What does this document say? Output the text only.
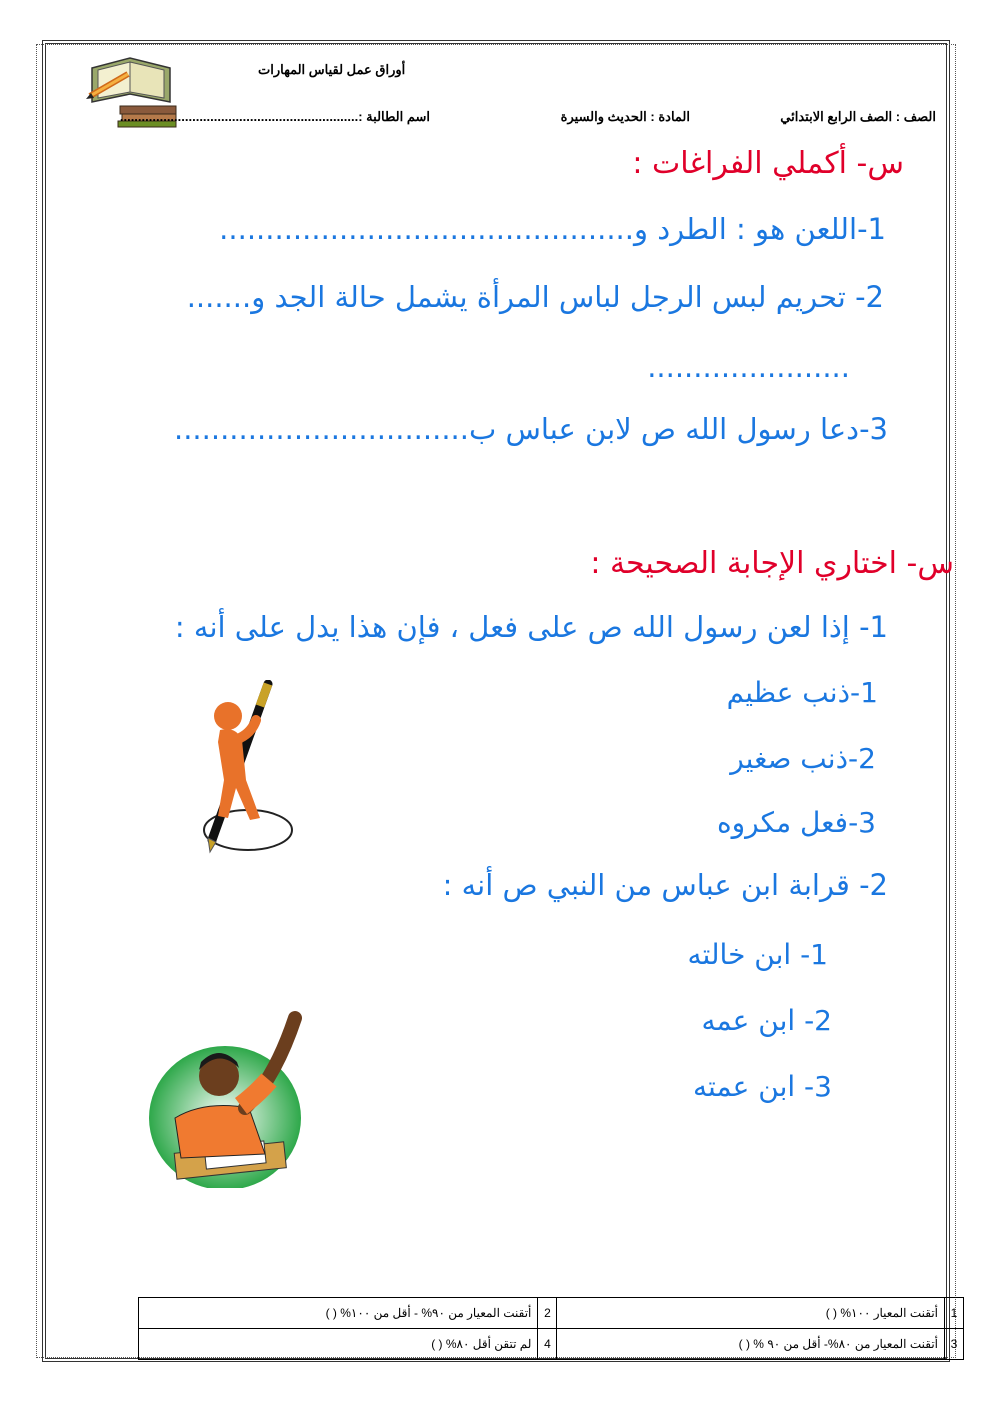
أوراق عمل لقياس المهارات
الصف : الصف الرابع الابتدائي
المادة : الحديث والسيرة
اسم الطالبة :..................................................................
س- أكملي الفراغات :
1-اللعن هو : الطرد و.............................................
2- تحريم لبس الرجل لباس المرأة يشمل حالة الجد و.......
......................
3-دعا رسول الله ص لابن عباس ب................................
س- اختاري الإجابة الصحيحة :
1- إذا لعن رسول الله ص على فعل ، فإن هذا يدل على أنه :
1-ذنب عظيم
2-ذنب صغير
3-فعل مكروه
2- قرابة ابن عباس من النبي ص أنه :
1- ابن خالته
2- ابن عمه
3- ابن عمته
1	أتقنت المعيار ١٠٠% ( )	2	أتقنت المعيار من ٩٠% - أقل من ١٠٠% ( )
3	أتقنت المعيار من ٨٠%- أقل من ٩٠ % ( )	4	لم تتقن أقل ٨٠% ( )
